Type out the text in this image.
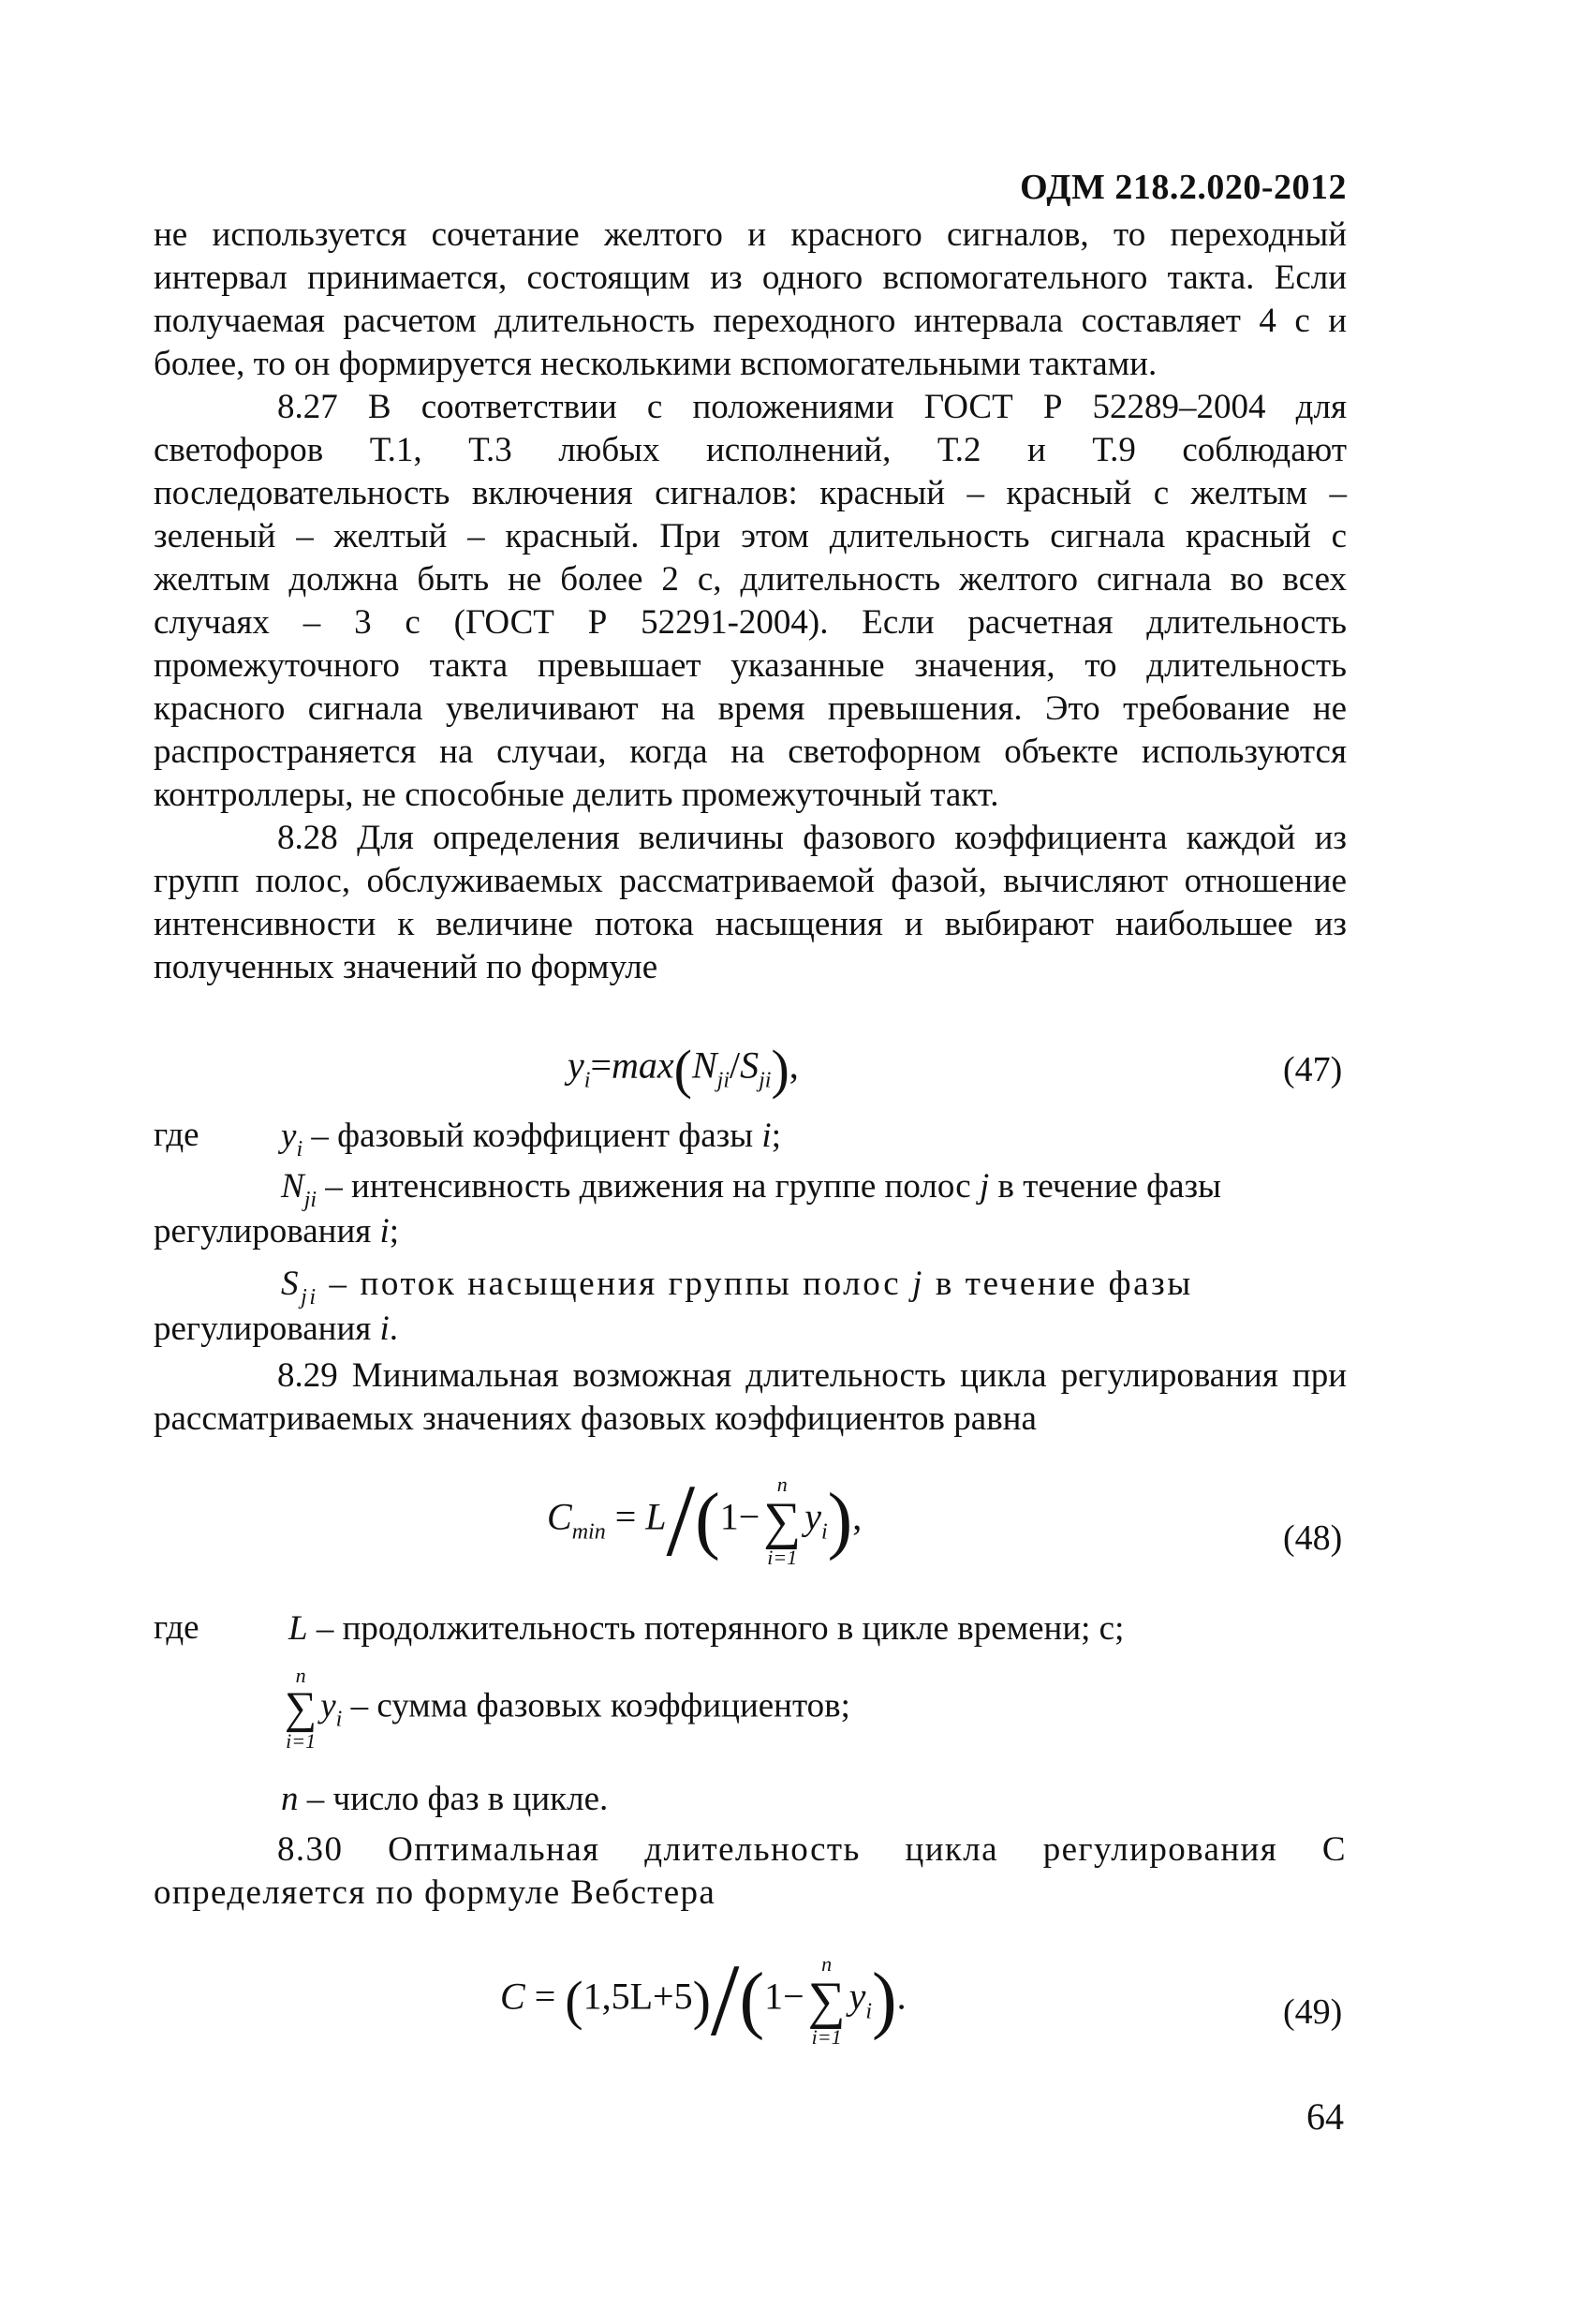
ОДМ 218.2.020-2012

не используется сочетание желтого и красного сигналов, то переходный интервал принимается, состоящим из одного вспомогательного такта. Если получаемая расчетом длительность переходного интервала составляет 4 с и более, то он формируется несколькими вспомогательными тактами.

8.27 В соответствии с положениями ГОСТ Р 52289–2004 для светофоров Т.1, Т.3 любых исполнений, Т.2 и Т.9 соблюдают последовательность включения сигналов: красный – красный с желтым – зеленый – желтый – красный. При этом длительность сигнала красный с желтым должна быть не более 2 с, длительность желтого сигнала во всех случаях – 3 с (ГОСТ Р 52291-2004). Если расчетная длительность промежуточного такта превышает указанные значения, то длительность красного сигнала увеличивают на время превышения. Это требование не распространяется на случаи, когда на светофорном объекте используются контроллеры, не способные делить промежуточный такт.

8.28 Для определения величины фазового коэффициента каждой из групп полос, обслуживаемых рассматриваемой фазой, вычисляют отношение интенсивности к величине потока насыщения и выбирают наибольшее из полученных значений по формуле

$y_i=\max(N_{ji}/S_{ji})$,	(47)
где $y_i$ – фазовый коэффициент фазы i;
$N_{ji}$ – интенсивность движения на группе полос j в течение фазы
регулирования i;
$S_{ji}$ – поток насыщения группы полос j в течение фазы
регулирования i.

8.29 Минимальная возможная длительность цикла регулирования при рассматриваемых значениях фазовых коэффициентов равна

$C_{min} = L/(1-$
n
∑
i=1
$y_i$),
(48)
где	L – продолжительность потерянного в цикле времени; с;
n
∑
i=1
$y_i$ – сумма фазовых коэффициентов;
n – число фаз в цикле.

8.30 Оптимальная длительность цикла регулирования С определяется по формуле Вебстера

C = (1,5L+5)/(1−
n
∑
i=1
$y_i$).	(49)
64
